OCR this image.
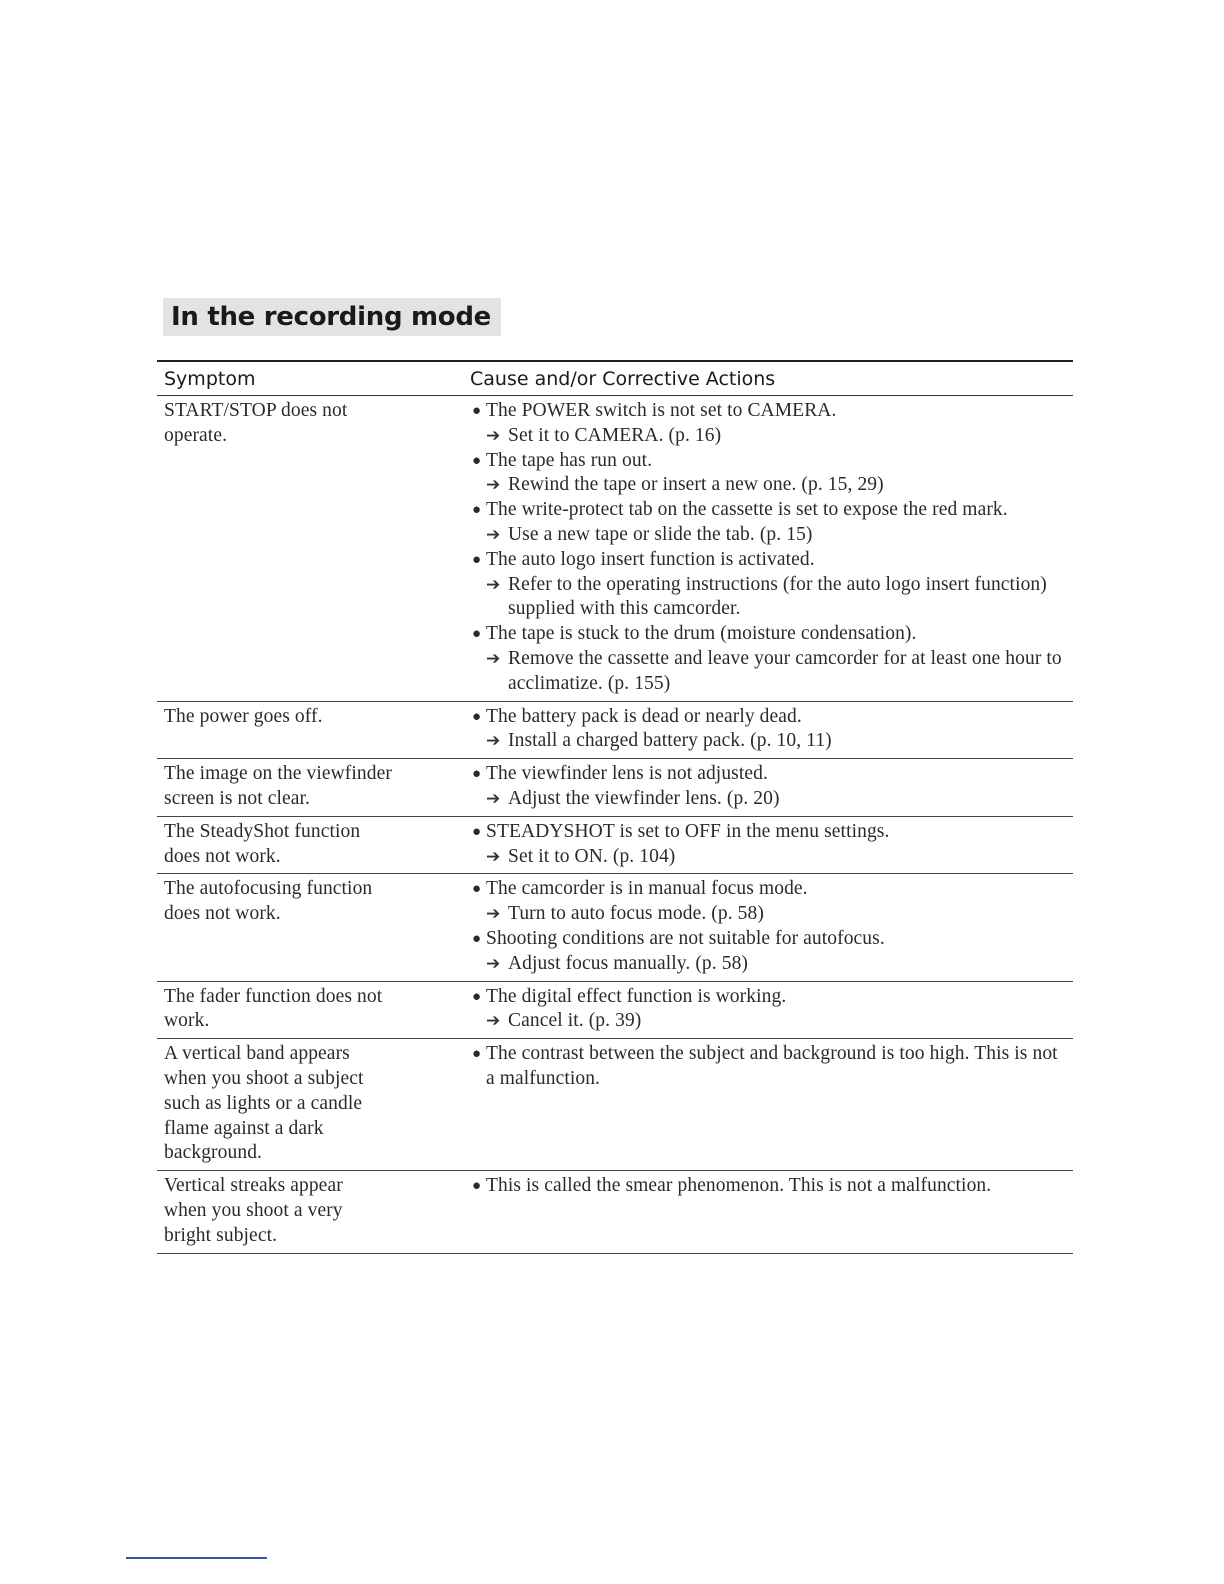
In the recording mode
Symptom	Cause and/or Corrective Actions
START/STOP does not
operate.
● The POWER switch is not set to CAMERA.
➔ Set it to CAMERA. (p. 16)
● The tape has run out.
➔ Rewind the tape or insert a new one. (p. 15, 29)
● The write-protect tab on the cassette is set to expose the red mark.
➔ Use a new tape or slide the tab. (p. 15)
● The auto logo insert function is activated.
➔ Refer to the operating instructions (for the auto logo insert function) supplied with this camcorder.
● The tape is stuck to the drum (moisture condensation).
➔ Remove the cassette and leave your camcorder for at least one hour to acclimatize. (p. 155)
The power goes off.	● The battery pack is dead or nearly dead.
➔ Install a charged battery pack. (p. 10, 11)
The image on the viewfinder
screen is not clear.
● The viewfinder lens is not adjusted.
➔ Adjust the viewfinder lens. (p. 20)
The SteadyShot function
does not work.
● STEADYSHOT is set to OFF in the menu settings.
➔ Set it to ON. (p. 104)
The autofocusing function
does not work.
● The camcorder is in manual focus mode.
➔ Turn to auto focus mode. (p. 58)
● Shooting conditions are not suitable for autofocus.
➔ Adjust focus manually. (p. 58)
The fader function does not
work.
● The digital effect function is working.
➔ Cancel it. (p. 39)
A vertical band appears
when you shoot a subject
such as lights or a candle
flame against a dark
background.
● The contrast between the subject and background is too high. This is not a malfunction.
Vertical streaks appear
when you shoot a very
bright subject.
● This is called the smear phenomenon. This is not a malfunction.
